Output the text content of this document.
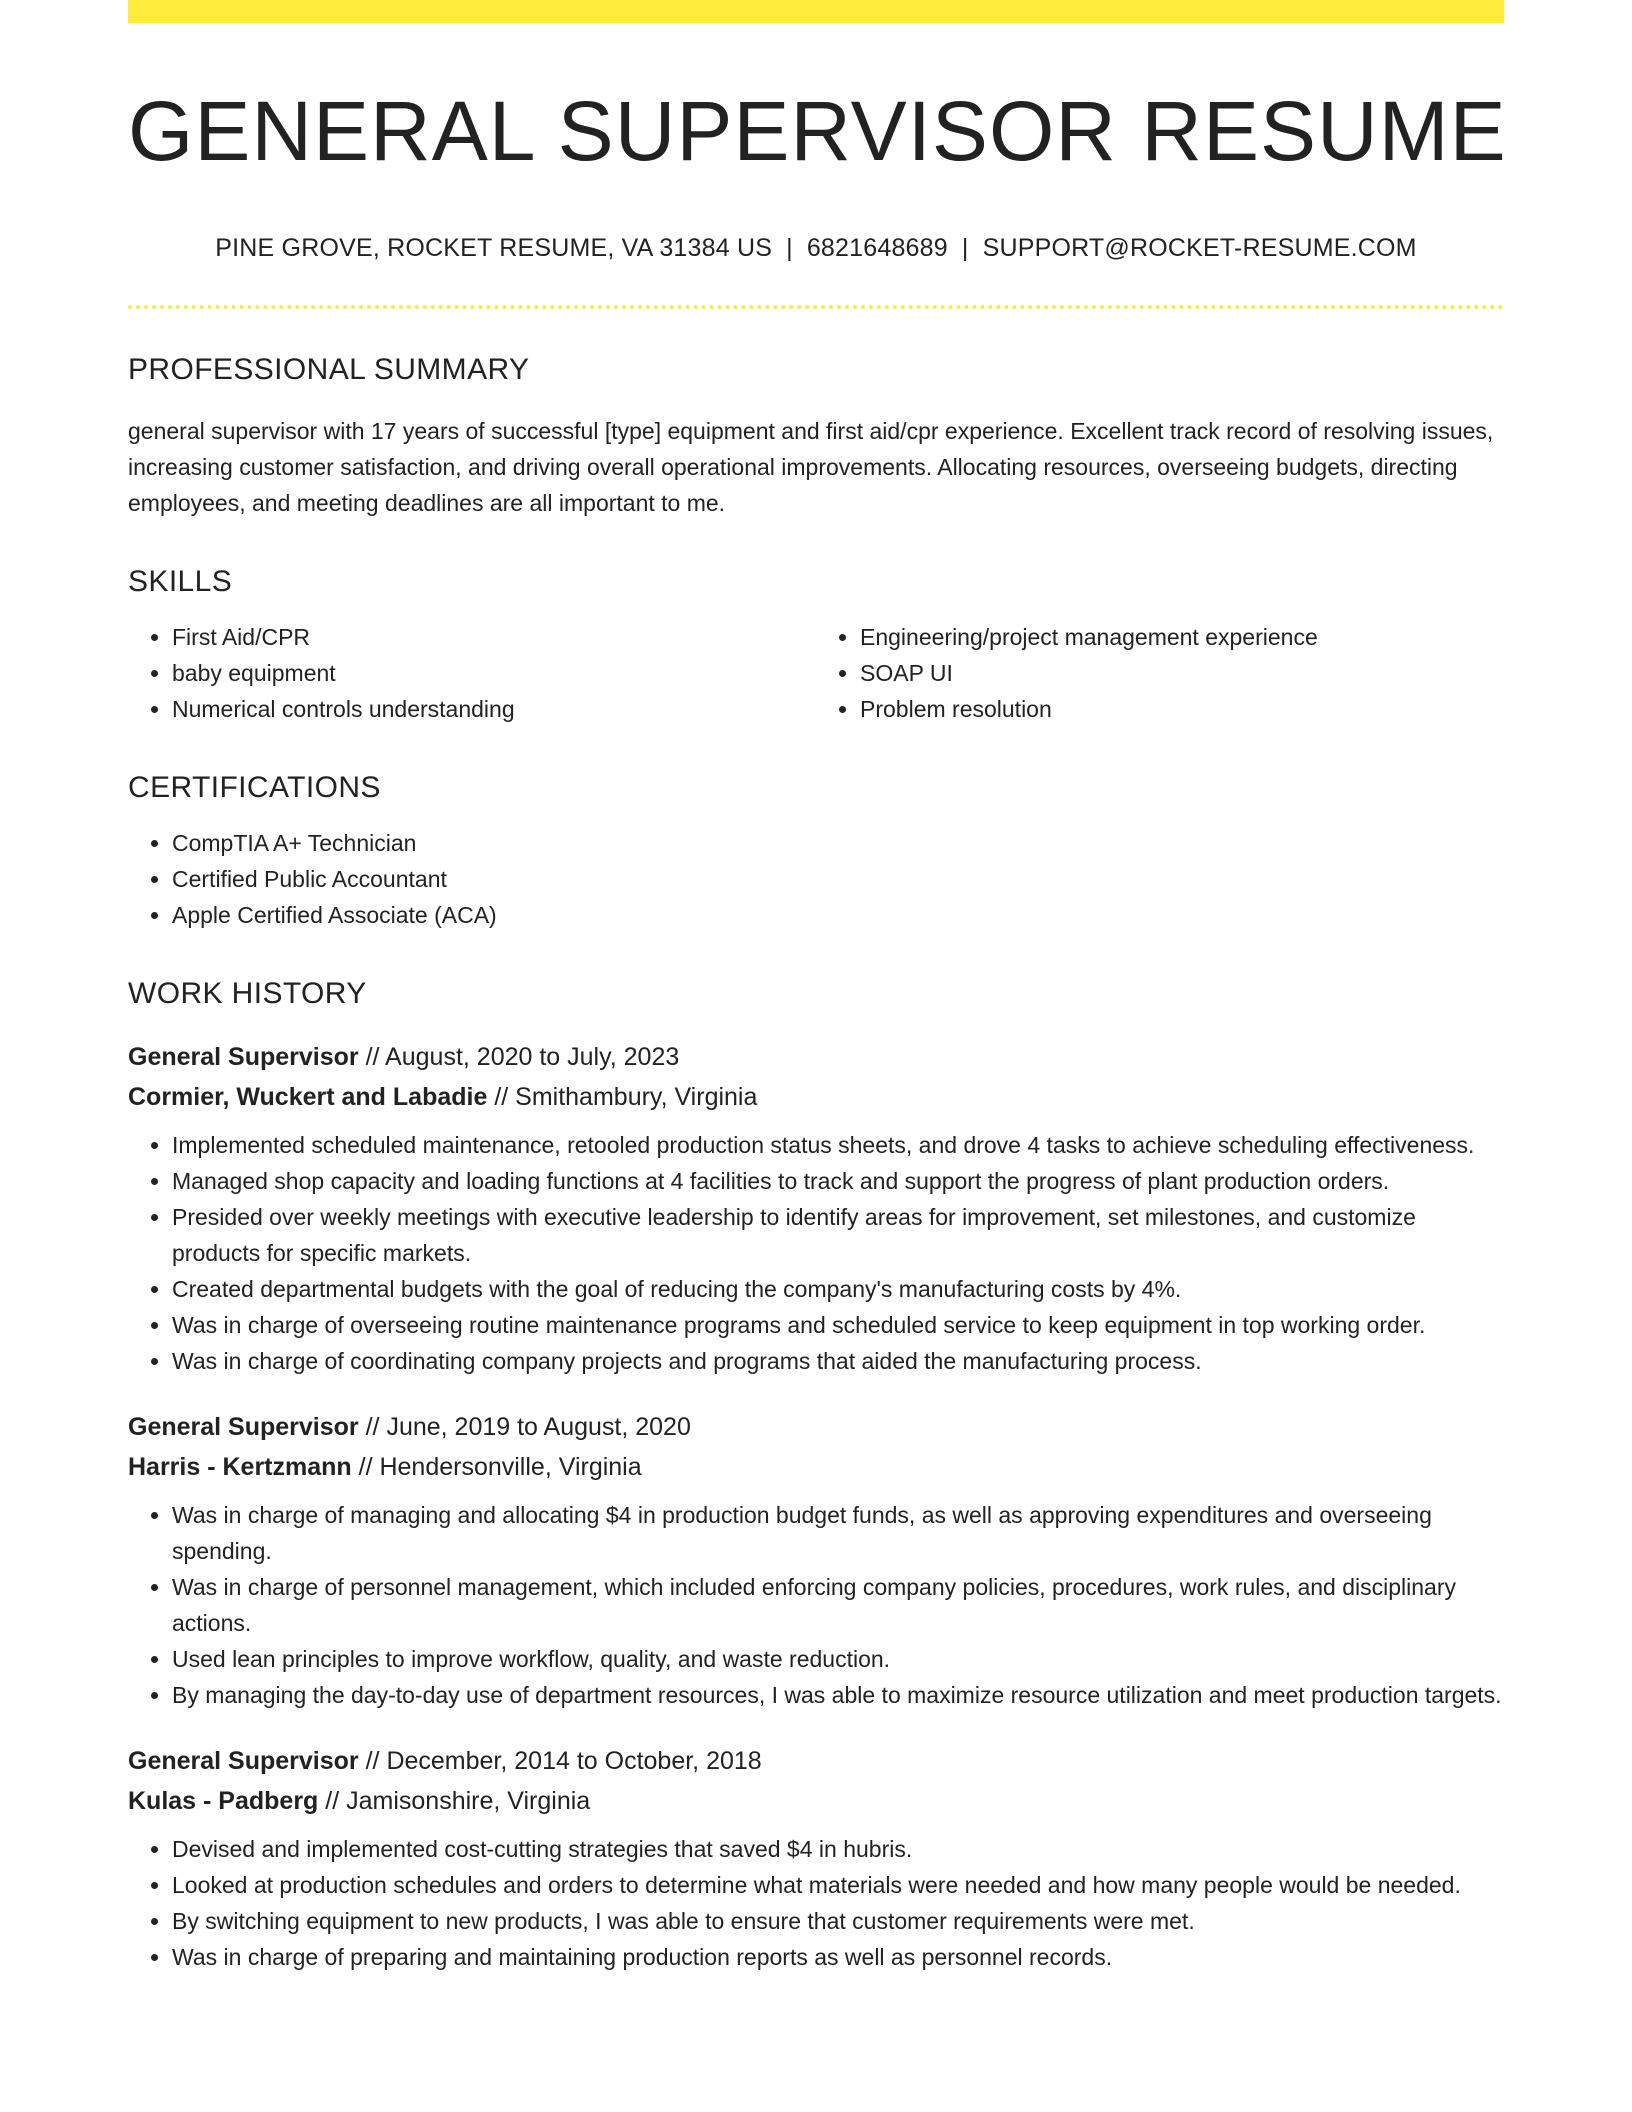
GENERAL SUPERVISOR RESUME
PINE GROVE, ROCKET RESUME, VA 31384 US | 6821648689 | SUPPORT@ROCKET-RESUME.COM
PROFESSIONAL SUMMARY

general supervisor with 17 years of successful [type] equipment and first aid/cpr experience. Excellent track record of resolving issues, increasing customer satisfaction, and driving overall operational improvements. Allocating resources, overseeing budgets, directing employees, and meeting deadlines are all important to me.

SKILLS
• First Aid/CPR
• baby equipment
• Numerical controls understanding
• Engineering/project management experience
• SOAP UI
• Problem resolution
CERTIFICATIONS
• CompTIA A+ Technician
• Certified Public Accountant
• Apple Certified Associate (ACA)
WORK HISTORY
General Supervisor // August, 2020 to July, 2023
Cormier, Wuckert and Labadie // Smithambury, Virginia
• Implemented scheduled maintenance, retooled production status sheets, and drove 4 tasks to achieve scheduling effectiveness.
• Managed shop capacity and loading functions at 4 facilities to track and support the progress of plant production orders.
• Presided over weekly meetings with executive leadership to identify areas for improvement, set milestones, and customize products for specific markets.
• Created departmental budgets with the goal of reducing the company's manufacturing costs by 4%.
• Was in charge of overseeing routine maintenance programs and scheduled service to keep equipment in top working order.
• Was in charge of coordinating company projects and programs that aided the manufacturing process.
General Supervisor // June, 2019 to August, 2020
Harris - Kertzmann // Hendersonville, Virginia
• Was in charge of managing and allocating $4 in production budget funds, as well as approving expenditures and overseeing spending.
• Was in charge of personnel management, which included enforcing company policies, procedures, work rules, and disciplinary actions.
• Used lean principles to improve workflow, quality, and waste reduction.
• By managing the day-to-day use of department resources, I was able to maximize resource utilization and meet production targets.
General Supervisor // December, 2014 to October, 2018
Kulas - Padberg // Jamisonshire, Virginia
• Devised and implemented cost-cutting strategies that saved $4 in hubris.
• Looked at production schedules and orders to determine what materials were needed and how many people would be needed.
• By switching equipment to new products, I was able to ensure that customer requirements were met.
• Was in charge of preparing and maintaining production reports as well as personnel records.
